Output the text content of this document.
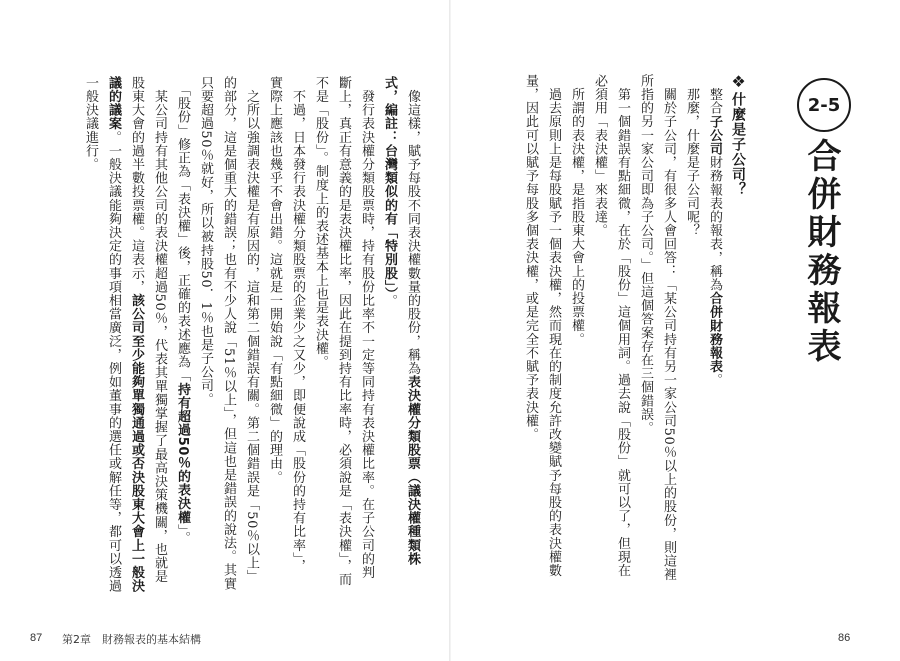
2-5
合併財務報表
❖什麼是子公司？
　整合子公司財務報表的報表，稱為合併財務報表。
　那麼，什麼是子公司呢？
　關於子公司，有很多人會回答：「某公司持有另一家公司50％以上的股份，則這裡
所指的另一家公司即為子公司。」但這個答案存在三個錯誤。
　第一個錯誤有點細微，在於「股份」這個用詞。過去說「股份」就可以了，但現在
必須用「表決權」來表達。
　所謂的表決權，是指股東大會上的投票權。
　過去原則上是每股賦予一個表決權，然而現在的制度允許改變賦予每股的表決權數
量，因此可以賦予每股多個表決權，或是完全不賦予表決權。
86
　像這樣，賦予每股不同表決權數量的股份，稱為表決權分類股票（議決權種類株
式，編註：台灣類似的有「特別股」）。
　發行表決權分類股票時，持有股份比率不一定等同持有表決權比率。在子公司的判
斷上，真正有意義的是表決權比率，因此在提到持有比率時，必須說是「表決權」，而
不是「股份」。制度上的表述基本上也是表決權。
　不過，日本發行表決權分類股票的企業少之又少，即便說成「股份的持有比率」，
實際上應該也幾乎不會出錯。這就是一開始說「有點細微」的理由。
　之所以強調表決權是有原因的，這和第二個錯誤有關。第二個錯誤是「50％以上」
的部分，這是個重大的錯誤；也有不少人說「51％以上」，但這也是錯誤的說法。其實
只要超過50％就好，所以被持股50．1％也是子公司。
　「股份」修正為「表決權」後，正確的表述應為「持有超過50％的表決權」。
　某公司持有其他公司的表決權超過50％，代表其單獨掌握了最高決策機關，也就是
股東大會的過半數投票權。這表示，該公司至少能夠單獨通過或否決股東大會上一般決
議的議案。一般決議能夠決定的事項相當廣泛，例如董事的選任或解任等，都可以透過
一般決議進行。
87 第2章　財務報表的基本結構
